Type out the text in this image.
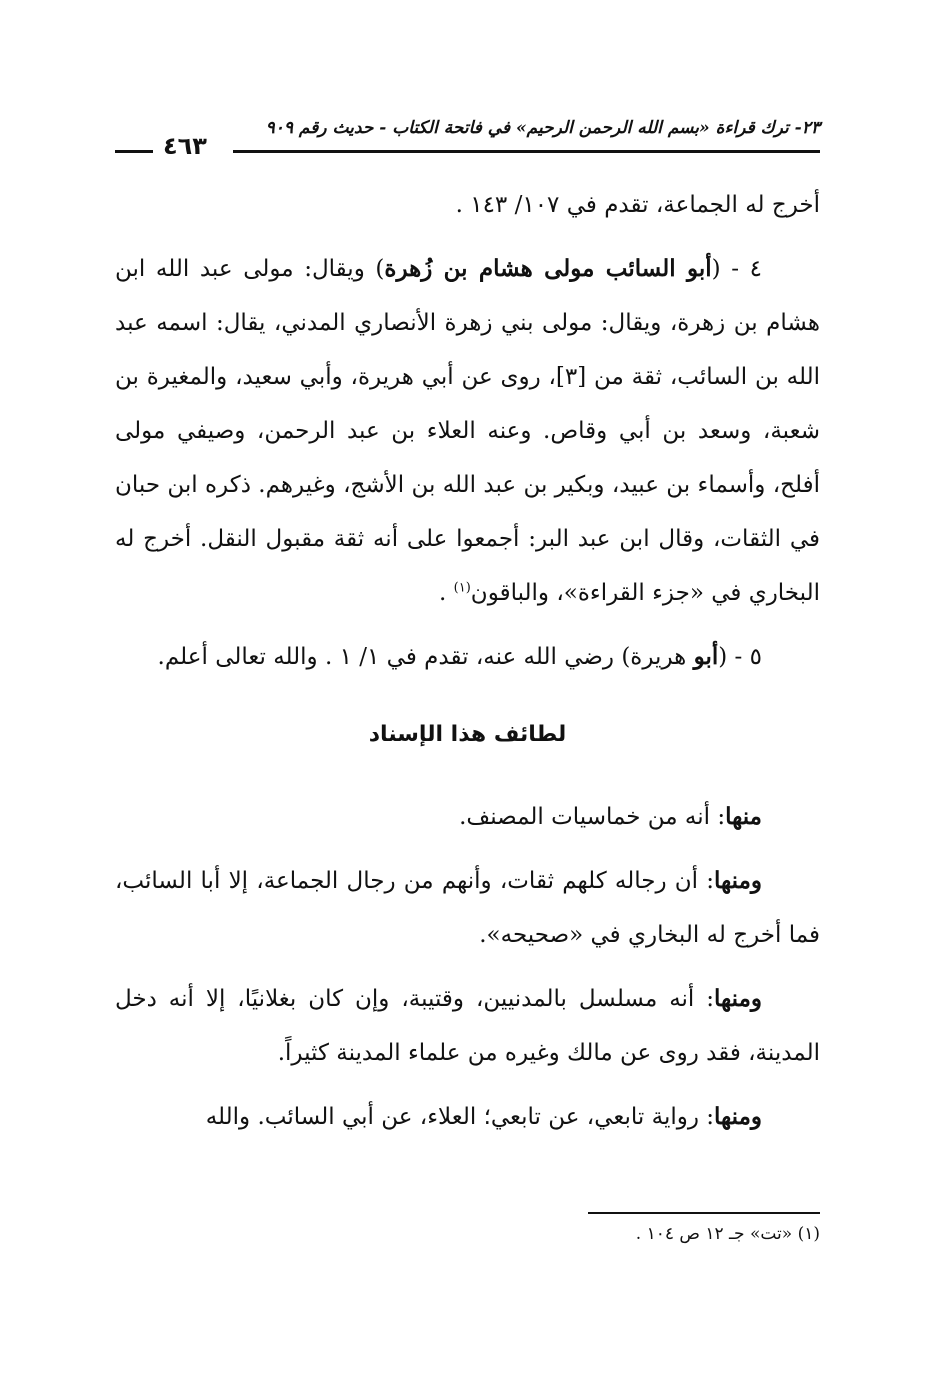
٢٣- ترك قراءة «بسم الله الرحمن الرحيم» في فاتحة الكتاب - حديث رقم ٩٠٩
٤٦٣

أخرج له الجماعة، تقدم في ١٠٧/ ١٤٣ .

٤ - (أبو السائب مولى هشام بن زُهرة) ويقال: مولى عبد الله ابن هشام بن زهرة، ويقال: مولى بني زهرة الأنصاري المدني، يقال: اسمه عبد الله بن السائب، ثقة من [٣]، روى عن أبي هريرة، وأبي سعيد، والمغيرة بن شعبة، وسعد بن أبي وقاص. وعنه العلاء بن عبد الرحمن، وصيفي مولى أفلح، وأسماء بن عبيد، وبكير بن عبد الله بن الأشج، وغيرهم. ذكره ابن حبان في الثقات، وقال ابن عبد البر: أجمعوا على أنه ثقة مقبول النقل. أخرج له البخاري في «جزء القراءة»، والباقون$^{(١)}$ .

٥ - (أبو هريرة) رضي الله عنه، تقدم في ١/ ١ . والله تعالى أعلم.

لطائف هذا الإسناد

منها: أنه من خماسيات المصنف.

ومنها: أن رجاله كلهم ثقات، وأنهم من رجال الجماعة، إلا أبا السائب، فما أخرج له البخاري في «صحيحه».

ومنها: أنه مسلسل بالمدنيين، وقتيبة، وإن كان بغلانيًا، إلا أنه دخل المدينة، فقد روى عن مالك وغيره من علماء المدينة كثيراً.

ومنها: رواية تابعي، عن تابعي؛ العلاء، عن أبي السائب. والله

(١) «تت» جـ ١٢ ص ١٠٤ .
